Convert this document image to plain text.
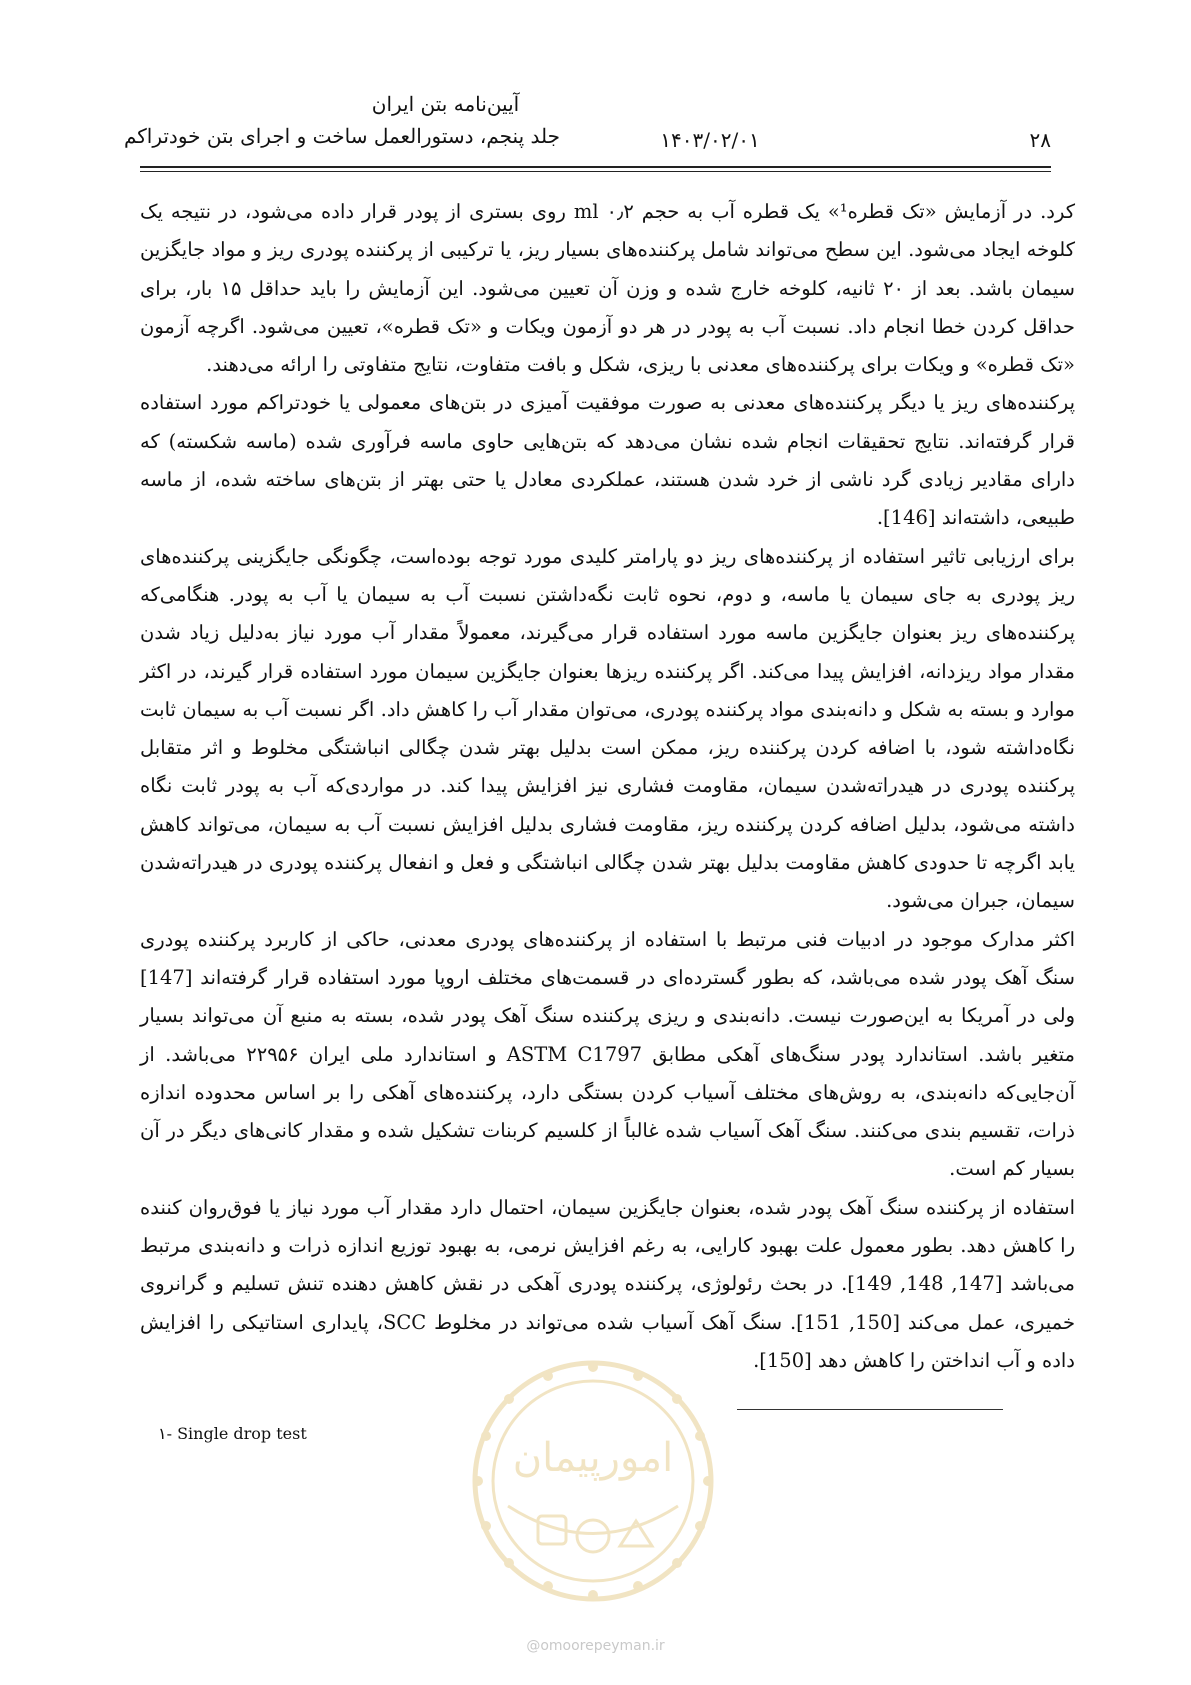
آیین‌نامه بتن ایران
جلد پنجم، دستورالعمل ساخت و اجرای بتن خودتراکم	۱۴۰۳/۰۲/۰۱	۲۸

کرد. در آزمایش «تک قطره¹» یک قطره آب به حجم ۰٫۲ ml روی بستری از پودر قرار داده می‌شود، در نتیجه یک کلوخه ایجاد می‌شود. این سطح می‌تواند شامل پرکننده‌های بسیار ریز، یا ترکیبی از پرکننده پودری ریز و مواد جایگزین سیمان باشد. بعد از ۲۰ ثانیه، کلوخه خارج شده و وزن آن تعیین می‌شود. این آزمایش را باید حداقل ۱۵ بار، برای حداقل کردن خطا انجام داد. نسبت آب به پودر در هر دو آزمون ویکات و «تک قطره»، تعیین می‌شود. اگرچه آزمون «تک قطره» و ویکات برای پرکننده‌های معدنی با ریزی، شکل و بافت متفاوت، نتایج متفاوتی را ارائه می‌دهند.

پرکننده‌های ریز یا دیگر پرکننده‌های معدنی به صورت موفقیت آمیزی در بتن‌های معمولی یا خودتراکم مورد استفاده قرار گرفته‌اند. نتایج تحقیقات انجام شده نشان می‌دهد که بتن‌هایی حاوی ماسه فرآوری شده (ماسه شکسته) که دارای مقادیر زیادی گرد ناشی از خرد شدن هستند، عملکردی معادل یا حتی بهتر از بتن‌های ساخته شده، از ماسه طبیعی، داشته‌اند [146].

برای ارزیابی تاثیر استفاده از پرکننده‌های ریز دو پارامتر کلیدی مورد توجه بوده‌است، چگونگی جایگزینی پرکننده‌های ریز پودری به جای سیمان یا ماسه، و دوم، نحوه ثابت نگه‌داشتن نسبت آب به سیمان یا آب به پودر. هنگامی‌که پرکننده‌های ریز بعنوان جایگزین ماسه مورد استفاده قرار می‌گیرند، معمولاً مقدار آب مورد نیاز به‌دلیل زیاد شدن مقدار مواد ریزدانه، افزایش پیدا می‌کند. اگر پرکننده ریزها بعنوان جایگزین سیمان مورد استفاده قرار گیرند، در اکثر موارد و بسته به شکل و دانه‌بندی مواد پرکننده پودری، می‌توان مقدار آب را کاهش داد. اگر نسبت آب به سیمان ثابت نگاه‌داشته شود، با اضافه کردن پرکننده ریز، ممکن است بدلیل بهتر شدن چگالی انباشتگی مخلوط و اثر متقابل پرکننده پودری در هیدراته‌شدن سیمان، مقاومت فشاری نیز افزایش پیدا کند. در مواردی‌که آب به پودر ثابت نگاه داشته می‌شود، بدلیل اضافه کردن پرکننده ریز، مقاومت فشاری بدلیل افزایش نسبت آب به سیمان، می‌تواند کاهش یابد اگرچه تا حدودی کاهش مقاومت بدلیل بهتر شدن چگالی انباشتگی و فعل و انفعال پرکننده پودری در هیدراته‌شدن سیمان، جبران می‌شود.

اکثر مدارک موجود در ادبیات فنی مرتبط با استفاده از پرکننده‌های پودری معدنی، حاکی از کاربرد پرکننده پودری سنگ آهک پودر شده می‌باشد، که بطور گسترده‌ای در قسمت‌های مختلف اروپا مورد استفاده قرار گرفته‌اند [147] ولی در آمریکا به این‌صورت نیست. دانه‌بندی و ریزی پرکننده سنگ آهک پودر شده، بسته به منبع آن می‌تواند بسیار متغیر باشد. استاندارد پودر سنگ‌های آهکی مطابق ASTM C1797 و استاندارد ملی ایران ۲۲۹۵۶ می‌باشد. از آن‌جایی‌که دانه‌بندی، به روش‌های مختلف آسیاب کردن بستگی دارد، پرکننده‌های آهکی را بر اساس محدوده اندازه ذرات، تقسیم بندی می‌کنند. سنگ آهک آسیاب شده غالباً از کلسیم کربنات تشکیل شده و مقدار کانی‌های دیگر در آن بسیار کم است.

استفاده از پرکننده سنگ آهک پودر شده، بعنوان جایگزین سیمان، احتمال دارد مقدار آب مورد نیاز یا فوق‌روان کننده را کاهش دهد. بطور معمول علت بهبود کارایی، به رغم افزایش نرمی، به بهبود توزیع اندازه ذرات و دانه‌بندی مرتبط می‌باشد [147, 148, 149]. در بحث رئولوژی، پرکننده پودری آهکی در نقش کاهش دهنده تنش تسلیم و گرانروی خمیری، عمل می‌کند [150, 151]. سنگ آهک آسیاب شده می‌تواند در مخلوط SCC، پایداری استاتیکی را افزایش داده و آب انداختن را کاهش دهد [150].

امورپیمان
@omoorepeyman.ir
۱- Single drop test
